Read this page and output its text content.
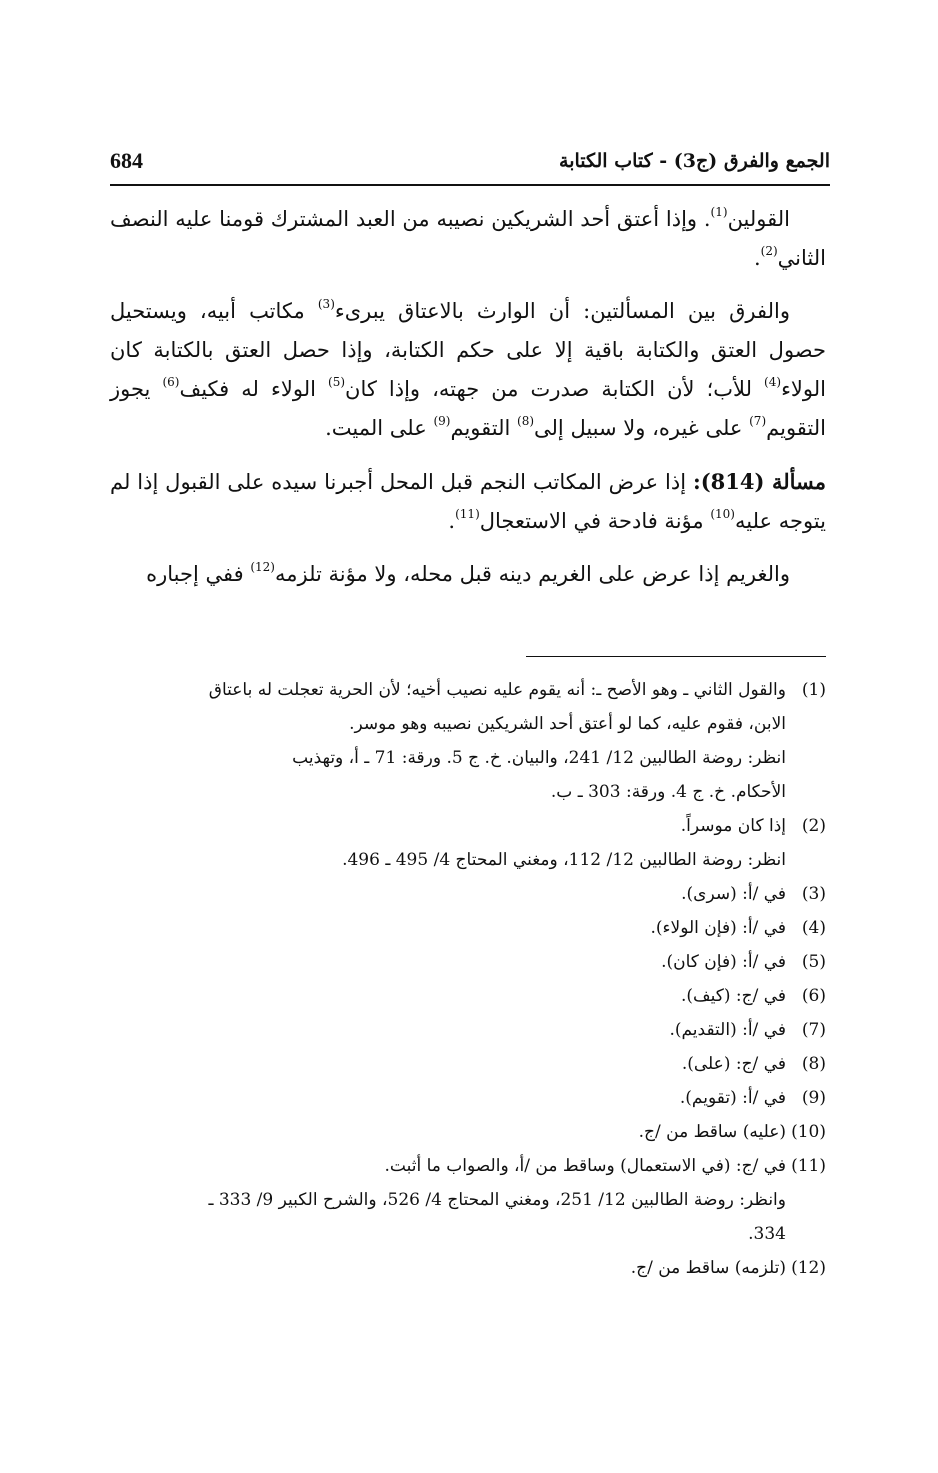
684	الجمع والفرق (ج3) - كتاب الكتابة

القولين$^{(1)}$. وإذا أعتق أحد الشريكين نصيبه من العبد المشترك قومنا عليه النصف الثاني$^{(2)}$.

والفرق بين المسألتين: أن الوارث بالاعتاق يبرىء$^{(3)}$ مكاتب أبيه، ويستحيل حصول العتق والكتابة باقية إلا على حكم الكتابة، وإذا حصل العتق بالكتابة كان الولاء$^{(4)}$ للأب؛ لأن الكتابة صدرت من جهته، وإذا كان$^{(5)}$ الولاء له فكيف$^{(6)}$ يجوز التقويم$^{(7)}$ على غيره، ولا سبيل إلى$^{(8)}$ التقويم$^{(9)}$ على الميت.

مسألة (814): إذا عرض المكاتب النجم قبل المحل أجبرنا سيده على القبول إذا لم يتوجه عليه$^{(10)}$ مؤنة فادحة في الاستعجال$^{(11)}$.

والغريم إذا عرض على الغريم دينه قبل محله، ولا مؤنة تلزمه$^{(12)}$ ففي إجباره

(1)
والقول الثاني ـ وهو الأصح ـ: أنه يقوم عليه نصيب أخيه؛ لأن الحرية تعجلت له باعتاق
الابن، فقوم عليه، كما لو أعتق أحد الشريكين نصيبه وهو موسر.
انظر: روضة الطالبين 12/ 241، والبيان. خ. ج 5. ورقة: 71 ـ أ، وتهذيب
الأحكام. خ. ج 4. ورقة: 303 ـ ب.
(2)
إذا كان موسراً.
انظر: روضة الطالبين 12/ 112، ومغني المحتاج 4/ 495 ـ 496.
(3)
في /أ: (سرى).
(4)
في /أ: (فإن الولاء).
(5)
في /أ: (فإن كان).
(6)
في /ج: (كيف).
(7)
في /أ: (التقديم).
(8)
في /ج: (على).
(9)
في /أ: (تقويم).
(10)
(عليه) ساقط من /ج.
(11)
في /ج: (في الاستعمال) وساقط من /أ، والصواب ما أثبت.
وانظر: روضة الطالبين 12/ 251، ومغني المحتاج 4/ 526، والشرح الكبير 9/ 333 ـ
334.
(12)
(تلزمه) ساقط من /ج.
